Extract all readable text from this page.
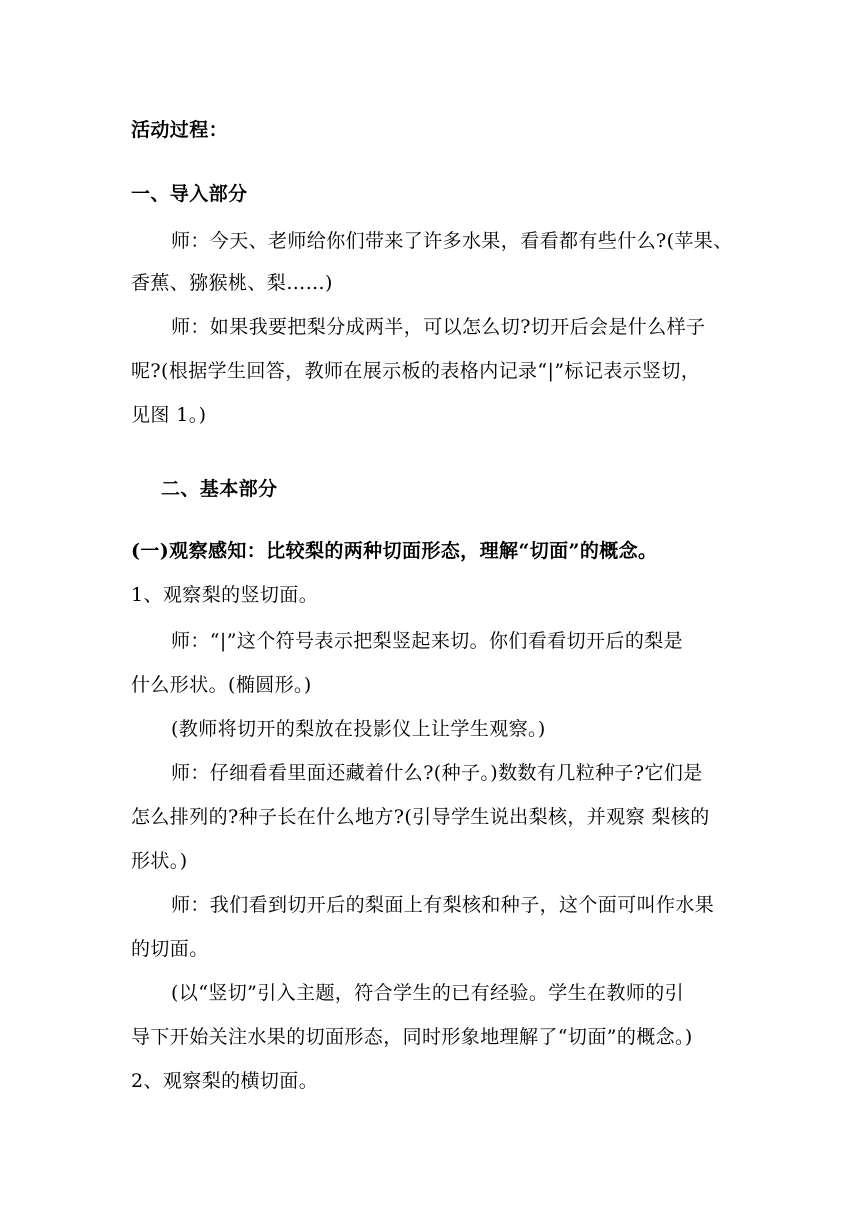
活动过程：
一、导入部分
师：今天、老师给你们带来了许多水果，看看都有些什么?(苹果、
香蕉、猕猴桃、梨……)
师：如果我要把梨分成两半，可以怎么切?切开后会是什么样子
呢?(根据学生回答，教师在展示板的表格内记录“|”标记表示竖切，
见图 1。)
二、基本部分
(一)观察感知：比较梨的两种切面形态，理解“切面”的概念。
1、观察梨的竖切面。
师：“|”这个符号表示把梨竖起来切。你们看看切开后的梨是
什么形状。(椭圆形。)
(教师将切开的梨放在投影仪上让学生观察。)
师：仔细看看里面还藏着什么?(种子。)数数有几粒种子?它们是
怎么排列的?种子长在什么地方?(引导学生说出梨核，并观察 梨核的
形状。)
师：我们看到切开后的梨面上有梨核和种子，这个面可叫作水果
的切面。
(以“竖切”引入主题，符合学生的已有经验。学生在教师的引
导下开始关注水果的切面形态，同时形象地理解了“切面”的概念。)
2、观察梨的横切面。
